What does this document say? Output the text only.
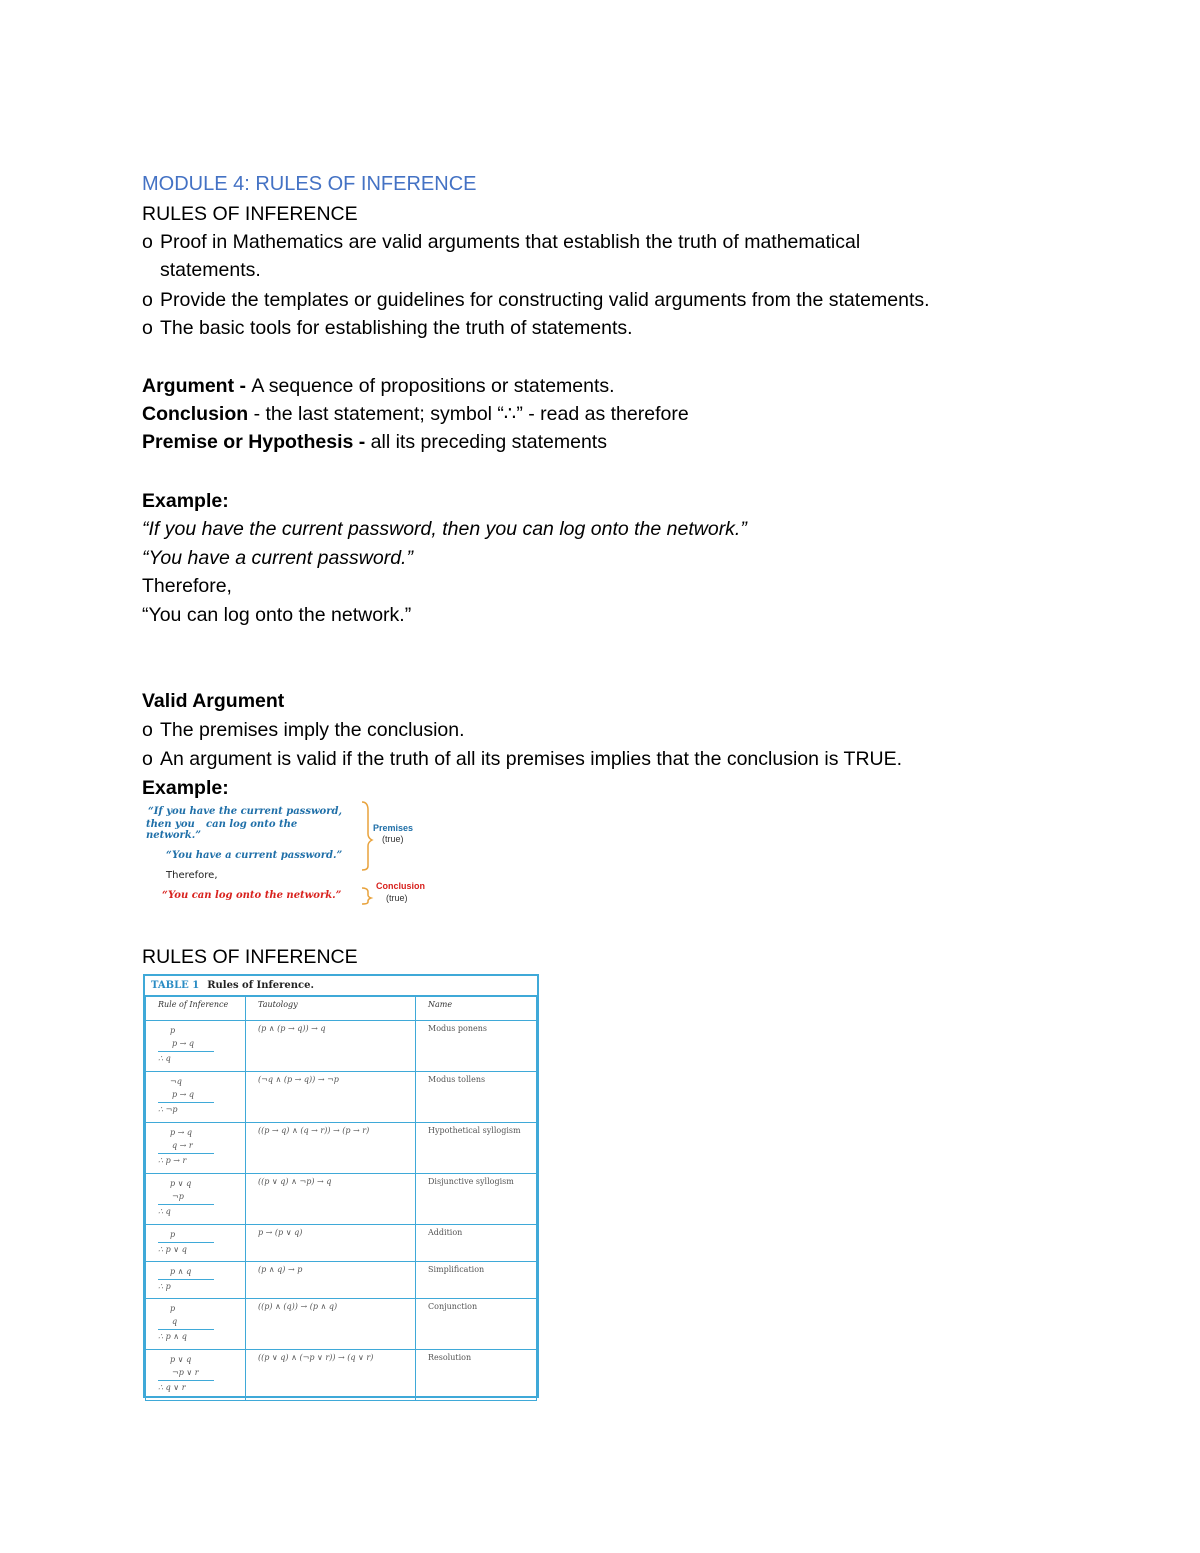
MODULE 4: RULES OF INFERENCE
RULES OF INFERENCE
o Proof in Mathematics are valid arguments that establish the truth of mathematical
statements.
o Provide the templates or guidelines for constructing valid arguments from the statements.
o The basic tools for establishing the truth of statements.
Argument - A sequence of propositions or statements.
Conclusion - the last statement; symbol “∴” - read as therefore
Premise or Hypothesis - all its preceding statements
Example:
“If you have the current password, then you can log onto the network.”
“You have a current password.”
Therefore,
“You can log onto the network.”
Valid Argument
o The premises imply the conclusion.
o An argument is valid if the truth of all its premises implies that the conclusion is TRUE.
Example:
“If you have the current password,
then you can log onto the
network.”
“You have a current password.”
Therefore,
“You can log onto the network.”
Premises
(true)
Conclusion
(true)
RULES OF INFERENCE
TABLE 1 Rules of Inference.
Rule of Inference	Tautology	Name

p
p → q
∴ q	(p ∧ (p → q)) → q	Modus ponens

¬q
p → q
∴ ¬p	(¬q ∧ (p → q)) → ¬p	Modus tollens

p → q
q → r
∴ p → r	((p → q) ∧ (q → r)) → (p → r)	Hypothetical syllogism

p ∨ q
¬p
∴ q	((p ∨ q) ∧ ¬p) → q	Disjunctive syllogism

p
∴ p ∨ q	p → (p ∨ q)	Addition

p ∧ q
∴ p	(p ∧ q) → p	Simplification

p
q
∴ p ∧ q	((p) ∧ (q)) → (p ∧ q)	Conjunction

p ∨ q
¬p ∨ r
∴ q ∨ r	((p ∨ q) ∧ (¬p ∨ r)) → (q ∨ r)	Resolution
